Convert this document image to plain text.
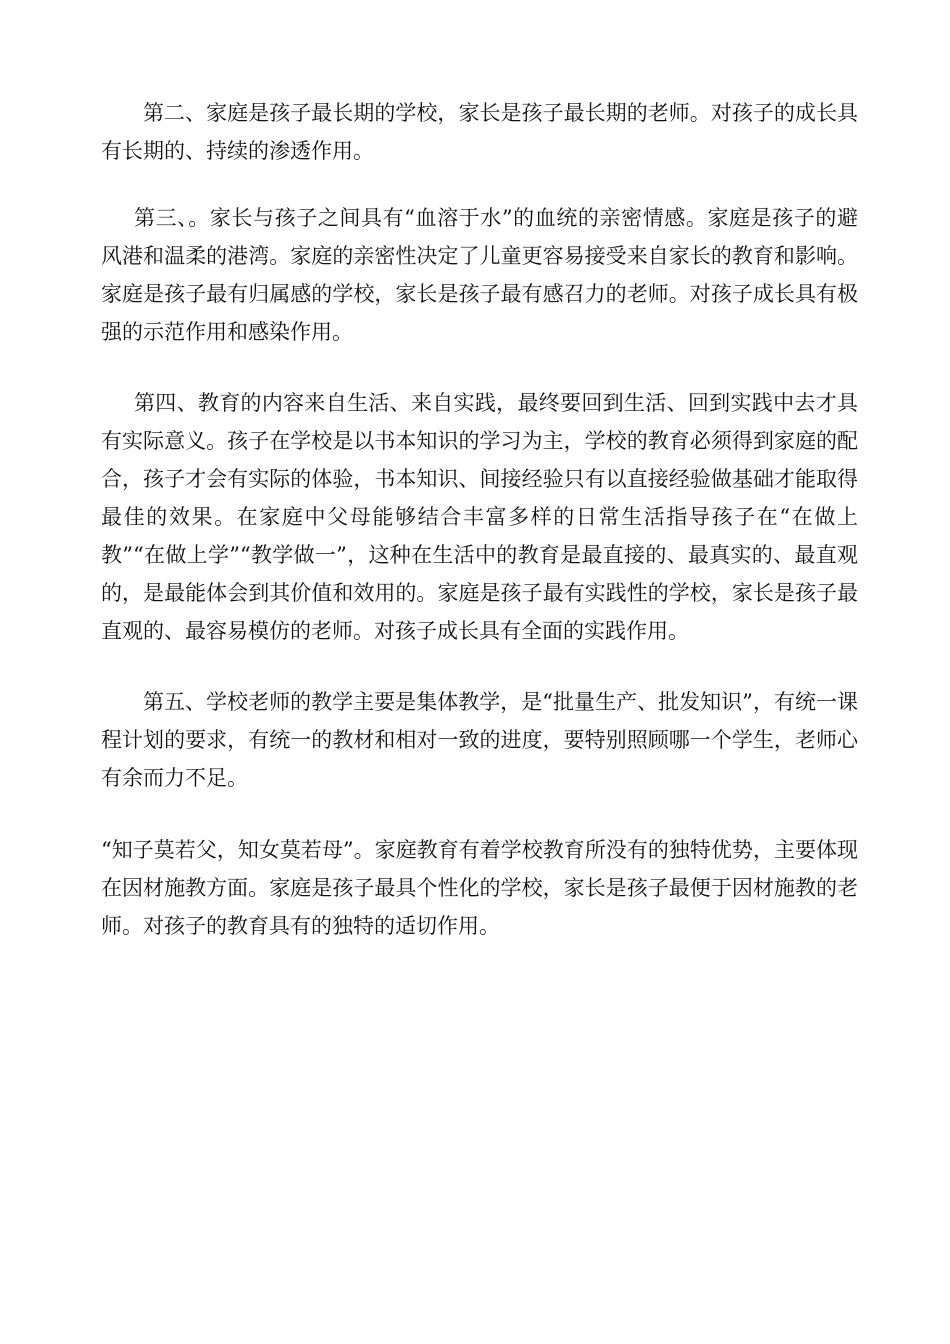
第二、家庭是孩子最长期的学校，家长是孩子最长期的老师。对孩子的成长具有长期的、持续的渗透作用。

第三、。家长与孩子之间具有“血溶于水”的血统的亲密情感。家庭是孩子的避风港和温柔的港湾。家庭的亲密性决定了儿童更容易接受来自家长的教育和影响。家庭是孩子最有归属感的学校，家长是孩子最有感召力的老师。对孩子成长具有极强的示范作用和感染作用。

第四、教育的内容来自生活、来自实践，最终要回到生活、回到实践中去才具有实际意义。孩子在学校是以书本知识的学习为主，学校的教育必须得到家庭的配合，孩子才会有实际的体验，书本知识、间接经验只有以直接经验做基础才能取得最佳的效果。在家庭中父母能够结合丰富多样的日常生活指导孩子在“在做上教”“在做上学”“教学做一”，这种在生活中的教育是最直接的、最真实的、最直观的，是最能体会到其价值和效用的。家庭是孩子最有实践性的学校，家长是孩子最直观的、最容易模仿的老师。对孩子成长具有全面的实践作用。

第五、学校老师的教学主要是集体教学，是“批量生产、批发知识”，有统一课程计划的要求，有统一的教材和相对一致的进度，要特别照顾哪一个学生，老师心有余而力不足。

“知子莫若父，知女莫若母”。家庭教育有着学校教育所没有的独特优势，主要体现在因材施教方面。家庭是孩子最具个性化的学校，家长是孩子最便于因材施教的老师。对孩子的教育具有的独特的适切作用。
